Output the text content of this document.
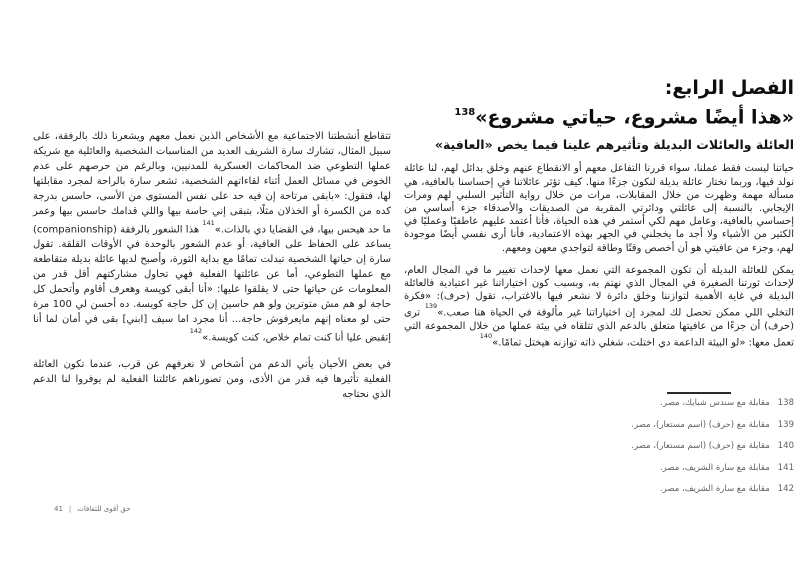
الفصل الرابع:
«هذا أيضًا مشروع، حياتي مشروع»$^{138}$
العائلة والعائلات البديلة وتأثيرهم علينا فيما يخص «العافية»

حياتنا ليست فقط عملنا، سواء قررنا التفاعل معهم أو الانقطاع عنهم وخلق بدائل لهم، لنا عائلة نولد فيها، وربما نختار عائلة بديلة لنكون جزءًا منها. كيف تؤثر عائلاتنا في إحساسنا بالعافية، هي مسألة مهمة وظهرت من خلال المقابلات، مرات من خلال رواية التأثير السلبي لهم ومرات الإيجابي. بالنسبة إلى عائلتي ودائرتي المقربة من الصديقات والأصدقاء جزء أساسي من إحساسي بالعافية، وعامل مهم لكي أستمر في هذه الحياة، فأنا أعتمد عليهم عاطفيًا وعمليًا في الكثير من الأشياء ولا أجد ما يخجلني في الجهر بهذه الاعتمادية، فأنا أرى نفسي أيضًا موجودة لهم، وجزء من عافيتي هو أن أخصص وقتًا وطاقة لتواجدي معهن ومعهم.

يمكن للعائلة البديلة أن تكون المجموعة التي نعمل معها لإحداث تغيير ما في المجال العام، لإحداث ثورتنا الصغيرة في المجال الذي نهتم به، وبسبب كون اختياراتنا غير اعتيادية فالعائلة البديلة في غاية الأهمية لتوازننا وخلق دائرة لا نشعر فيها بالاغتراب، تقول (حرف): «فكرة التخلي اللي ممكن تحصل لك لمجرد إن اختياراتنا غير مألوفة في الحياة هنا صعب.»$^{139}$ ترى (حرف) أن جزءًا من عافيتها متعلق بالدعم الذي تتلقاه في بيئة عملها من خلال المجموعة التي تعمل معها: «لو البيئة الداعمة دي اختلت، شغلي ذاته توازنه هيختل تمامًا.»$^{140}$

138مقابلة مع سندس شبايك، مصر.
139مقابلة مع (حرف) (اسم مستعار)، مصر.
140مقابلة مع (حرف) (اسم مستعار)، مصر.
141مقابلة مع سارة الشريف، مصر.
142مقابلة مع سارة الشريف، مصر.

تتقاطع أنشطتنا الاجتماعية مع الأشخاص الذين نعمل معهم ويشعرنا ذلك بالرفقة، على سبيل المثال، تشارك سارة الشريف العديد من المناسبات الشخصية والعائلية مع شريكة عملها التطوعي ضد المحاكمات العسكرية للمدنيين، وبالرغم من حرصهم على عدم الخوض في مسائل العمل أثناء لقاءاتهم الشخصية، تشعر سارة بالراحة لمجرد مقابلتها لها، فتقول: «بابقى مرتاحة إن فيه حد على نفس المستوى من الأسى، حاسس بدرجة كده من الكسرة أو الخذلان مثلًا، بتبقى إني حاسة بيها واللي قدامك حاسس بيها وعمر ما حد هيحس بيها، في القضايا دي بالذات.»$^{141}$ هذا الشعور بالرفقة (companionship) يساعد على الحفاظ على العافية، أو عدم الشعور بالوحدة في الأوقات القلقة. تقول سارة إن حياتها الشخصية تبدلت تمامًا مع بداية الثورة، وأصبح لديها عائلة بديلة متقاطعة مع عملها التطوعي، أما عن عائلتها الفعلية فهي تحاول مشاركتهم أقل قدر من المعلومات عن حياتها حتى لا يقلقوا عليها: «أنا أبقى كويسة وهعرف أقاوم وأتحمل كل حاجة لو هم مش متوترين ولو هم حاسين إن كل حاجة كويسة. ده أحسن لي 100 مرة حتى لو معناه إنهم مايعرفوش حاجة... أنا مجرد اما سيف [ابني] بقى في أمان لما أنا إتقبض عليا أنا كنت تمام خلاص، كنت كويسة.»$^{142}$

في بعض الأحيان يأتي الدعم من أشخاص لا نعرفهم عن قرب، عندما تكون العائلة الفعلية تأثيرها فيه قدر من الأذى، ومن تصورناهم عائلتنا الفعلية لم يوفروا لنا الدعم الذي نحتاجه

41 | حق أقوى للثقافات
